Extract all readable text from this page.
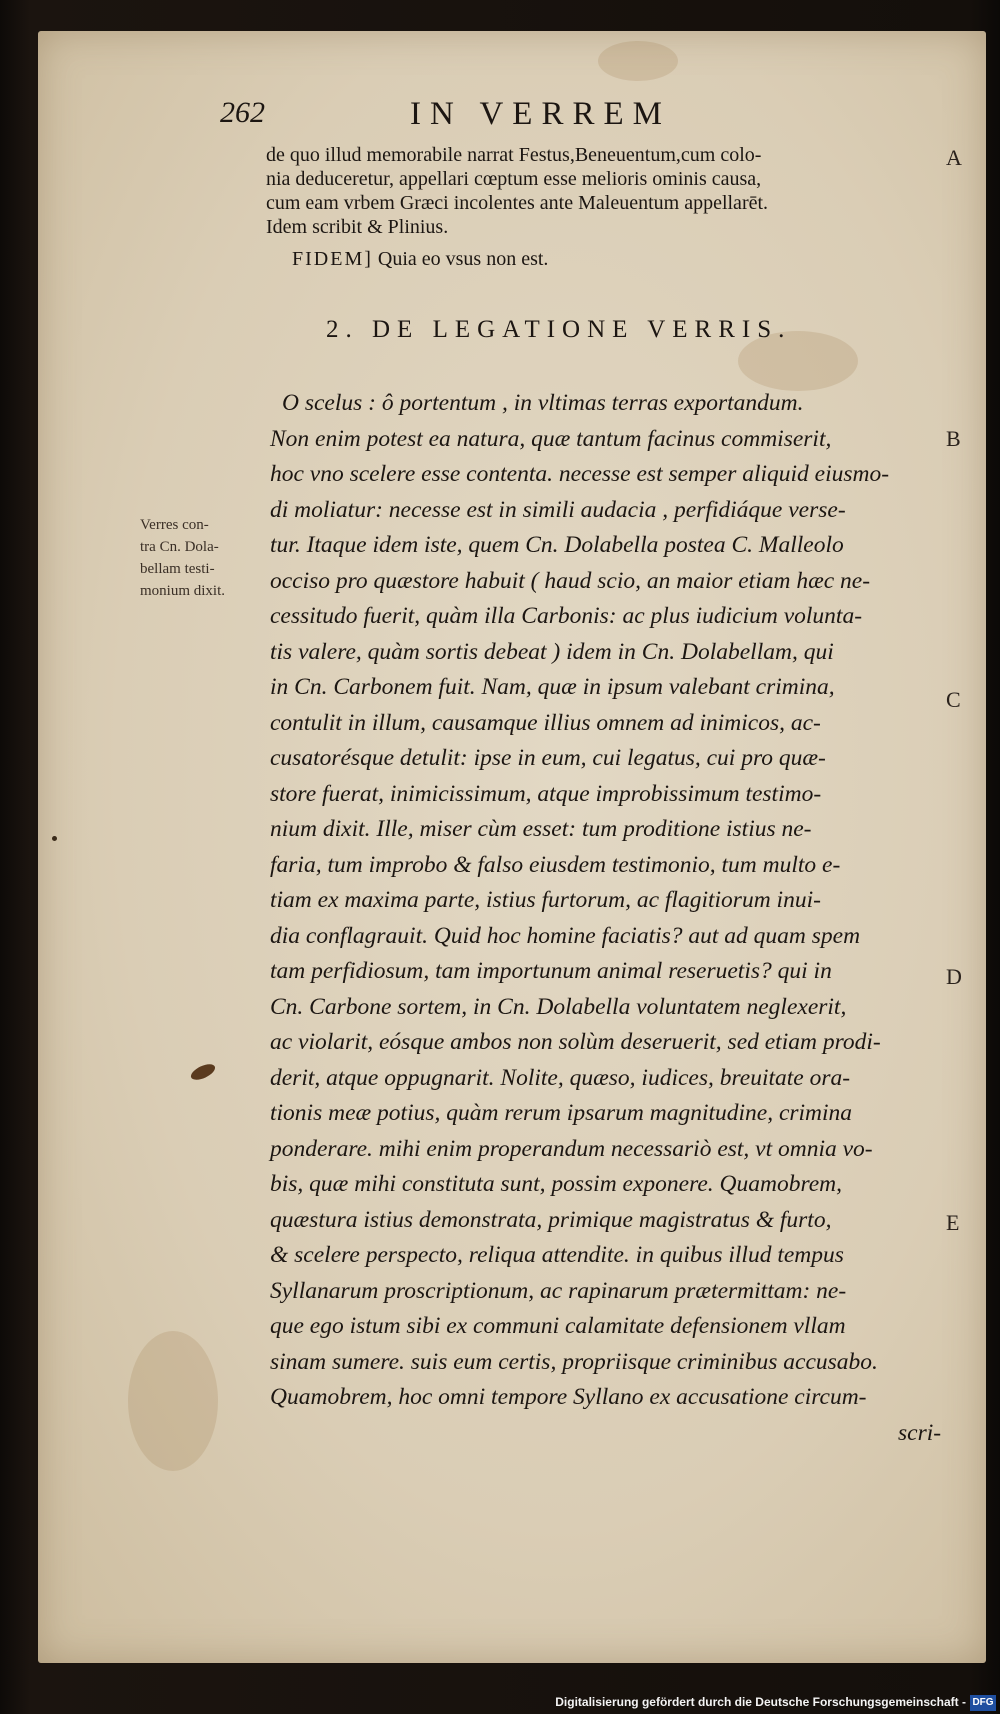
262	IN VERREM
de quo illud memorabile narrat Festus,Beneuentum,cum colo-
nia deduceretur, appellari cœptum esse melioris ominis causa,
cum eam vrbem Græci incolentes ante Maleuentum appellarēt.
Idem scribit & Plinius.
FIDEM] Quia eo vsus non est.
2. DE LEGATIONE VERRIS.
Verres con-
tra Cn. Dola-
bellam testi-
monium dixit.
O scelus : ô portentum , in vltimas terras exportandum.
Non enim potest ea natura, quæ tantum facinus commiserit,
hoc vno scelere esse contenta. necesse est semper aliquid eiusmo-
di moliatur: necesse est in simili audacia , perfidiáque verse-
tur. Itaque idem iste, quem Cn. Dolabella postea C. Malleolo
occiso pro quæstore habuit ( haud scio, an maior etiam hæc ne-
cessitudo fuerit, quàm illa Carbonis: ac plus iudicium volunta-
tis valere, quàm sortis debeat ) idem in Cn. Dolabellam, qui
in Cn. Carbonem fuit. Nam, quæ in ipsum valebant crimina,
contulit in illum, causamque illius omnem ad inimicos, ac-
cusatorésque detulit: ipse in eum, cui legatus, cui pro quæ-
store fuerat, inimicissimum, atque improbissimum testimo-
nium dixit. Ille, miser cùm esset: tum proditione istius ne-
faria, tum improbo & falso eiusdem testimonio, tum multo e-
tiam ex maxima parte, istius furtorum, ac flagitiorum inui-
dia conflagrauit. Quid hoc homine faciatis? aut ad quam spem
tam perfidiosum, tam importunum animal reseruetis? qui in
Cn. Carbone sortem, in Cn. Dolabella voluntatem neglexerit,
ac violarit, eósque ambos non solùm deseruerit, sed etiam prodi-
derit, atque oppugnarit. Nolite, quæso, iudices, breuitate ora-
tionis meæ potius, quàm rerum ipsarum magnitudine, crimina
ponderare. mihi enim properandum necessariò est, vt omnia vo-
bis, quæ mihi constituta sunt, possim exponere. Quamobrem,
quæstura istius demonstrata, primique magistratus & furto,
& scelere perspecto, reliqua attendite. in quibus illud tempus
Syllanarum proscriptionum, ac rapinarum prætermittam: ne-
que ego istum sibi ex communi calamitate defensionem vllam
sinam sumere. suis eum certis, propriisque criminibus accusabo.
Quamobrem, hoc omni tempore Syllano ex accusatione circum-
scri-
A
B
C
D
E
Digitalisierung gefördert durch die Deutsche Forschungsgemeinschaft - DFG
